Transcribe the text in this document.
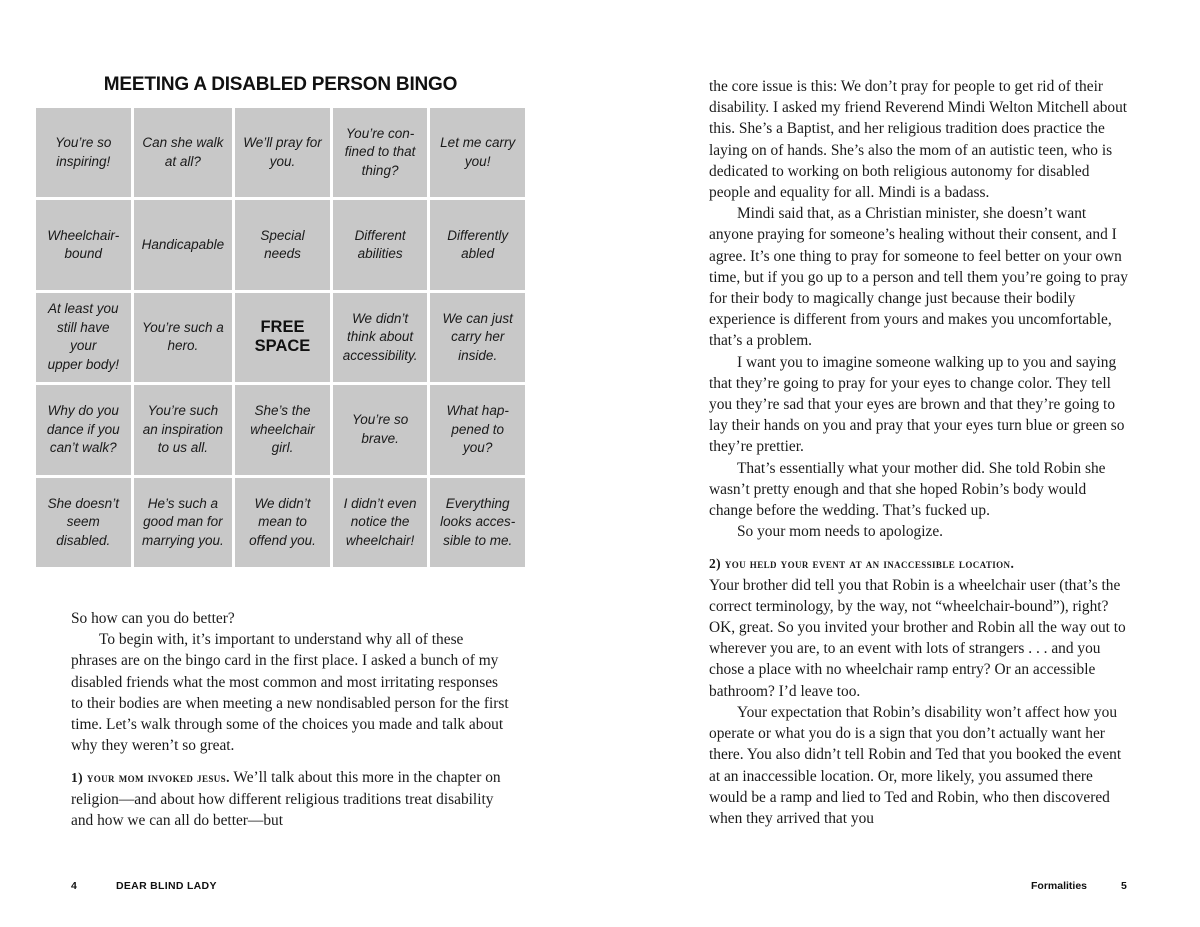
MEETING A DISABLED PERSON BINGO
You’re so
inspiring!
Can she walk
at all?
We’ll pray for
you.
You’re con-
fined to that
thing?
Let me carry
you!
Wheelchair-
bound
Handicapable
Special
needs
Different
abilities
Differently
abled
At least you
still have your
upper body!
You’re such a
hero.
FREE
SPACE
We didn’t
think about
accessibility.
We can just
carry her
inside.
Why do you
dance if you
can’t walk?
You’re such
an inspiration
to us all.
She’s the
wheelchair
girl.
You’re so
brave.
What hap-
pened to
you?
She doesn’t
seem
disabled.
He’s such a
good man for
marrying you.
We didn’t
mean to
offend you.
I didn’t even
notice the
wheelchair!
Everything
looks acces-
sible to me.

So how can you do better?

To begin with, it’s important to understand why all of these phrases are on the bingo card in the first place. I asked a bunch of my disabled friends what the most common and most irritating responses to their bodies are when meeting a new nondisabled person for the first time. Let’s walk through some of the choices you made and talk about why they weren’t so great.

1) your mom invoked jesus. We’ll talk about this more in the chapter on religion—and about how different religious traditions treat disability and how we can all do better—but

4	DEAR BLIND LADY

the core issue is this: We don’t pray for people to get rid of their disability. I asked my friend Reverend Mindi Welton Mitchell about this. She’s a Baptist, and her religious tradition does practice the laying on of hands. She’s also the mom of an autistic teen, who is dedicated to working on both religious autonomy for disabled people and equality for all. Mindi is a badass.

Mindi said that, as a Christian minister, she doesn’t want anyone praying for someone’s healing without their consent, and I agree. It’s one thing to pray for someone to feel better on your own time, but if you go up to a person and tell them you’re going to pray for their body to magically change just because their bodily experience is different from yours and makes you uncomfortable, that’s a problem.

I want you to imagine someone walking up to you and saying that they’re going to pray for your eyes to change color. They tell you they’re sad that your eyes are brown and that they’re going to lay their hands on you and pray that your eyes turn blue or green so they’re prettier.

That’s essentially what your mother did. She told Robin she wasn’t pretty enough and that she hoped Robin’s body would change before the wedding. That’s fucked up.

So your mom needs to apologize.

2) you held your event at an inaccessible location.

Your brother did tell you that Robin is a wheelchair user (that’s the correct terminology, by the way, not “wheelchair-bound”), right? OK, great. So you invited your brother and Robin all the way out to wherever you are, to an event with lots of strangers . . . and you chose a place with no wheelchair ramp entry? Or an accessible bathroom? I’d leave too.

Your expectation that Robin’s disability won’t affect how you operate or what you do is a sign that you don’t actually want her there. You also didn’t tell Robin and Ted that you booked the event at an inaccessible location. Or, more likely, you assumed there would be a ramp and lied to Ted and Robin, who then discovered when they arrived that you

Formalities	5
